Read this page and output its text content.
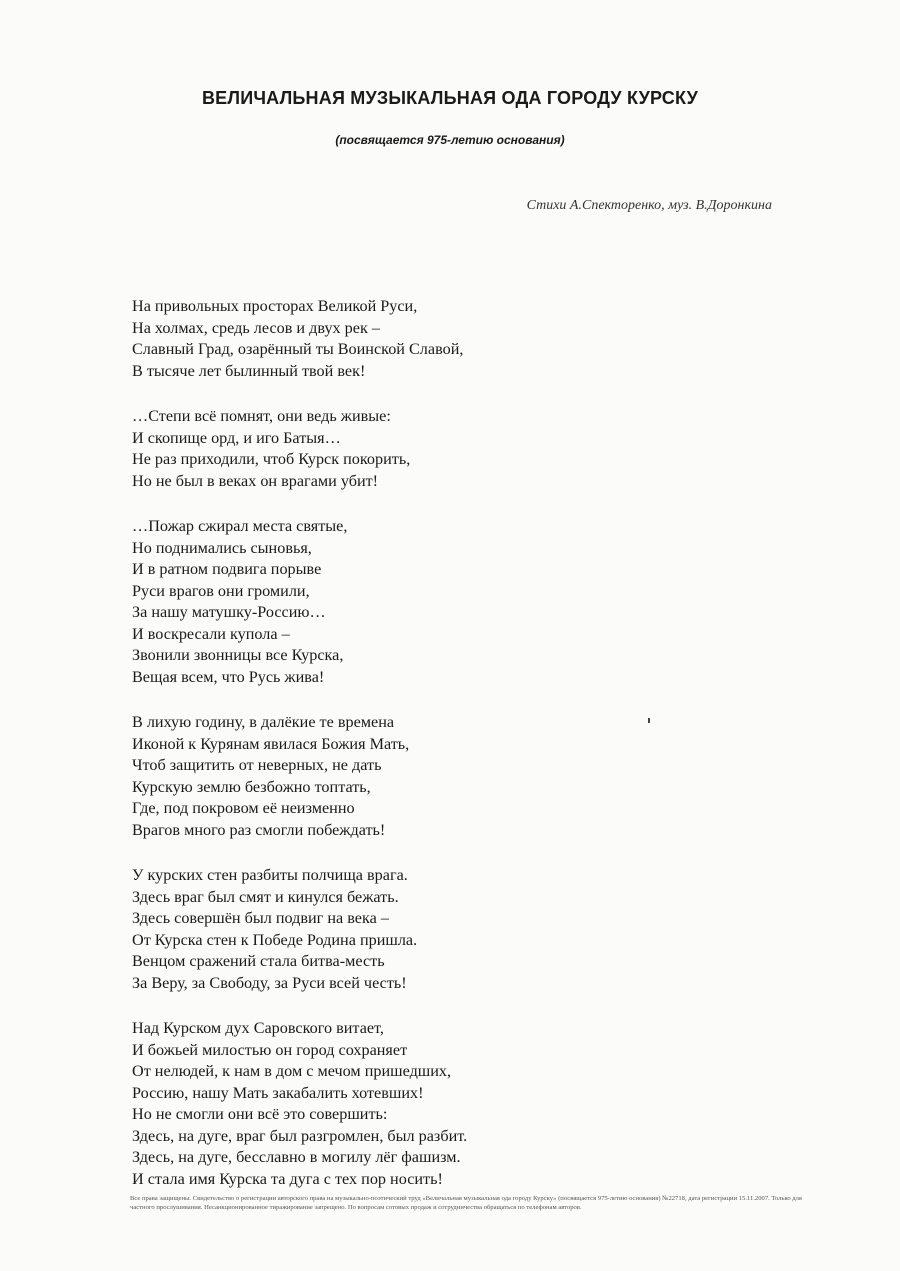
ВЕЛИЧАЛЬНАЯ МУЗЫКАЛЬНАЯ ОДА ГОРОДУ КУРСКУ
(посвящается 975-летию основания)
Стихи А.Спекторенко, муз. В.Доронкина
На привольных просторах Великой Руси,
На холмах, средь лесов и двух рек –
Славный Град, озарённый ты Воинской Славой,
В тысяче лет былинный твой век!
…Степи всё помнят, они ведь живые:
И скопище орд, и иго Батыя…
Не раз приходили, чтоб Курск покорить,
Но не был в веках он врагами убит!
…Пожар сжирал места святые,
Но поднимались сыновья,
И в ратном подвига порыве
Руси врагов они громили,
За нашу матушку-Россию…
И воскресали купола –
Звонили звонницы все Курска,
Вещая всем, что Русь жива!
В лихую годину, в далёкие те времена
Иконой к Курянам явилася Божия Мать,
Чтоб защитить от неверных, не дать
Курскую землю безбожно топтать,
Где, под покровом её неизменно
Врагов много раз смогли побеждать!
У курских стен разбиты полчища врага.
Здесь враг был смят и кинулся бежать.
Здесь совершён был подвиг на века –
От Курска стен к Победе Родина пришла.
Венцом сражений стала битва-месть
За Веру, за Свободу, за Руси всей честь!
Над Курском дух Саровского витает,
И божьей милостью он город сохраняет
От нелюдей, к нам в дом с мечом пришедших,
Россию, нашу Мать закабалить хотевших!
Но не смогли они всё это совершить:
Здесь, на дуге, враг был разгромлен, был разбит.
Здесь, на дуге, бесславно в могилу лёг фашизм.
И стала имя Курска та дуга с тех пор носить!
Все права защищены. Свидетельство о регистрации авторского права на музыкально-поэтический труд «Величальная музыкальная ода городу Курску» (посвящается 975-летию основания) №22718, дата регистрации 15.11.2007. Только для частного прослушивания. Несанкционированное тиражирование запрещено. По вопросам сотовых продаж и сотрудничества обращаться по телефонам авторов.
